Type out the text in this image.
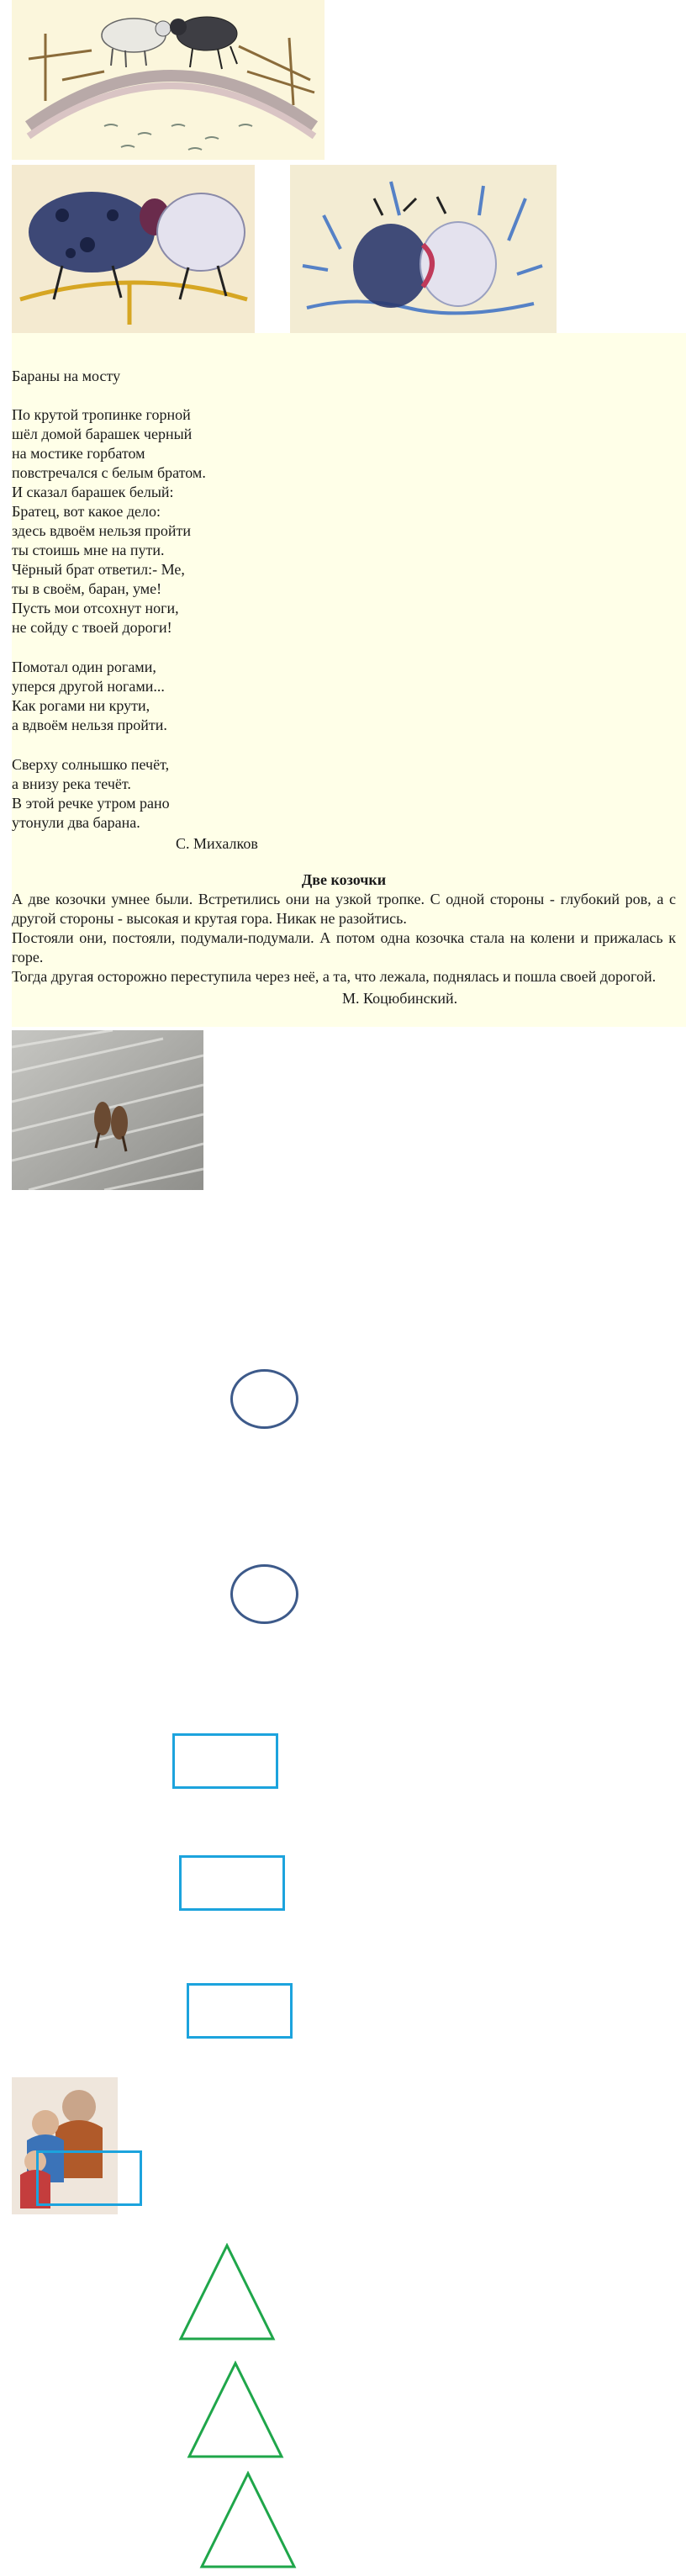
Бараны на мосту
По крутой тропинке горной
шёл домой барашек черный
на мостике горбатом
повстречался с белым братом.
И сказал барашек белый:
Братец, вот какое дело:
здесь вдвоём нельзя пройти
ты стоишь мне на пути.
Чёрный брат ответил:- Ме,
ты в своём, баран, уме!
Пусть мои отсохнут ноги,
не сойду с твоей дороги!
Помотал один рогами,
уперся другой ногами...
Как рогами ни крути,
а вдвоём нельзя пройти.
Сверху солнышко печёт,
а внизу река течёт.
В этой речке утром рано
утонули два барана.
С. Михалков
Две козочки

А две козочки умнее были. Встретились они на узкой тропке. С одной стороны - глубокий ров, а с другой стороны - высокая и крутая гора. Никак не разойтись.

Постояли они, постояли, подумали-подумали. А потом одна козочка стала на колени и прижалась к горе.

Тогда другая осторожно переступила через неё, а та, что лежала, поднялась и пошла своей дорогой.

М. Коцюбинский.
